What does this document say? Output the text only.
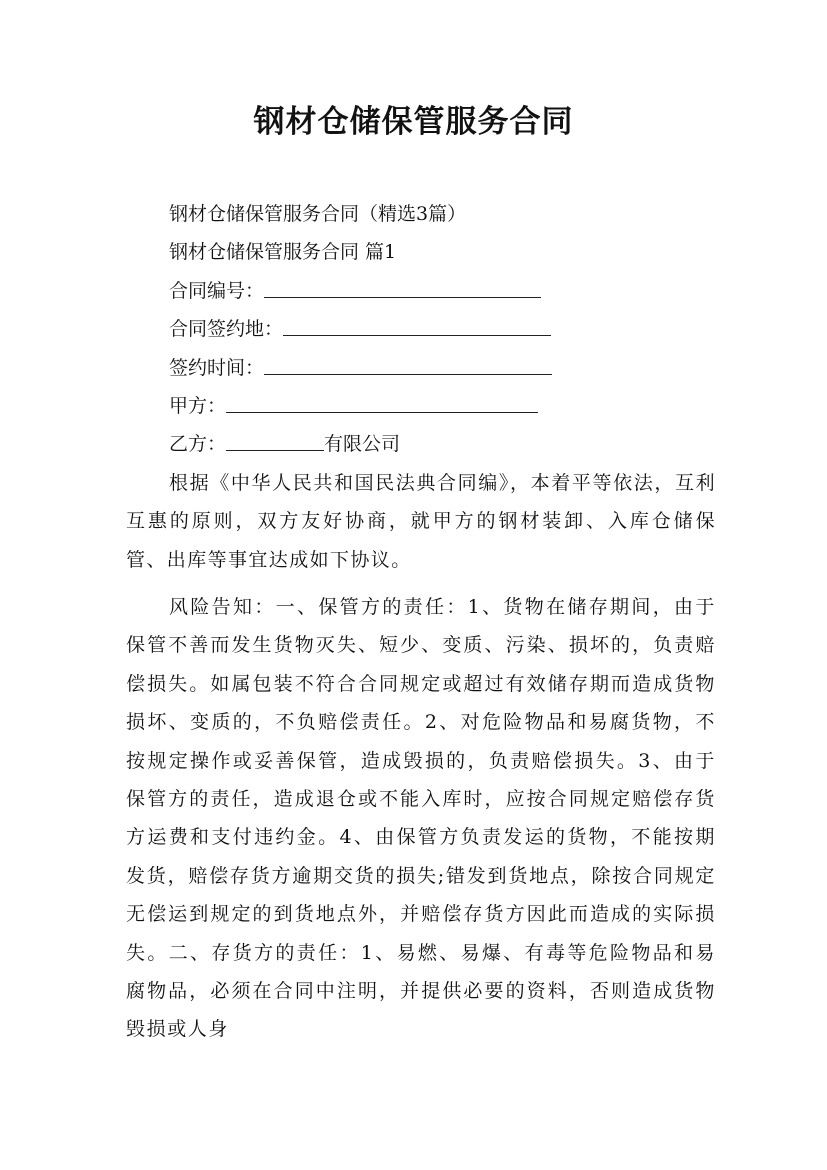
钢材仓储保管服务合同
钢材仓储保管服务合同（精选3篇）
钢材仓储保管服务合同 篇1
合同编号：
合同签约地：
签约时间：
甲方：
乙方：	有限公司

根据《中华人民共和国民法典合同编》，本着平等依法，互利互惠的原则，双方友好协商，就甲方的钢材装卸、入库仓储保管、出库等事宜达成如下协议。

风险告知：一、保管方的责任：1、货物在储存期间，由于保管不善而发生货物灭失、短少、变质、污染、损坏的，负责赔偿损失。如属包装不符合合同规定或超过有效储存期而造成货物损坏、变质的，不负赔偿责任。2、对危险物品和易腐货物，不按规定操作或妥善保管，造成毁损的，负责赔偿损失。3、由于保管方的责任，造成退仓或不能入库时，应按合同规定赔偿存货方运费和支付违约金。4、由保管方负责发运的货物，不能按期发货，赔偿存货方逾期交货的损失;错发到货地点，除按合同规定无偿运到规定的到货地点外，并赔偿存货方因此而造成的实际损失。二、存货方的责任：1、易燃、易爆、有毒等危险物品和易腐物品，必须在合同中注明，并提供必要的资料，否则造成货物毁损或人身
